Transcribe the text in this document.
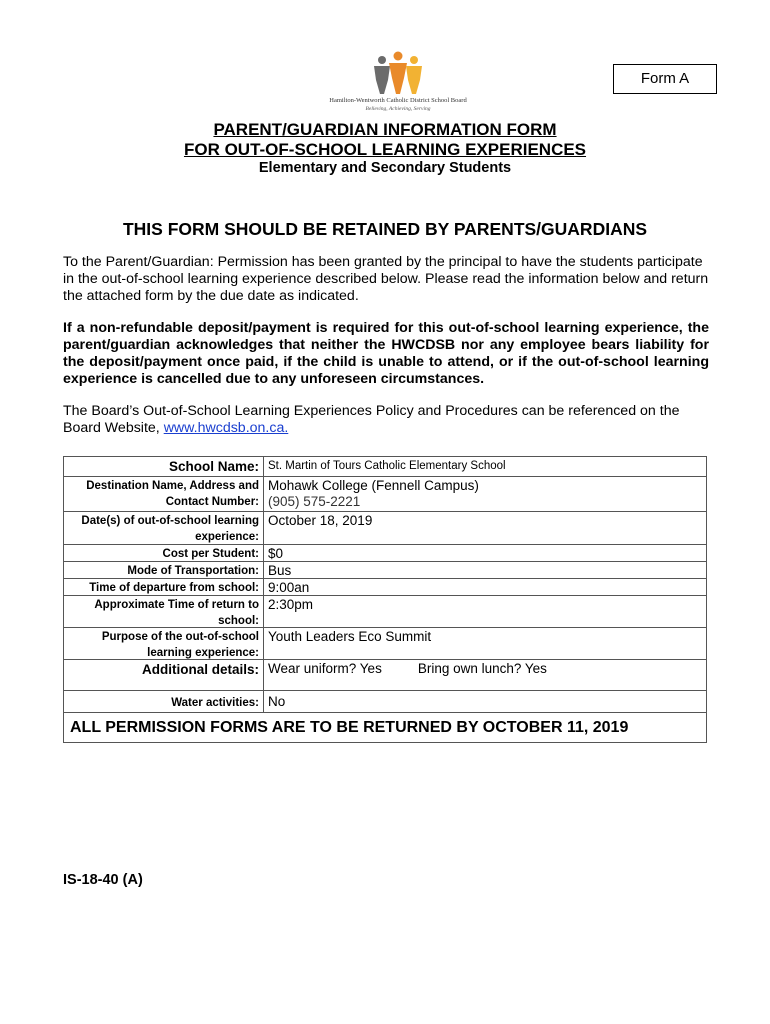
Hamilton-Wentworth Catholic District School Board
Believing, Achieving, Serving
Form A
PARENT/GUARDIAN INFORMATION FORM
FOR OUT-OF-SCHOOL LEARNING EXPERIENCES
Elementary and Secondary Students
THIS FORM SHOULD BE RETAINED BY PARENTS/GUARDIANS
To the Parent/Guardian: Permission has been granted by the principal to have the students participate in the out-of-school learning experience described below. Please read the information below and return the attached form by the due date as indicated.
If a non-refundable deposit/payment is required for this out-of-school learning experience, the parent/guardian acknowledges that neither the HWCDSB nor any employee bears liability for the deposit/payment once paid, if the child is unable to attend, or if the out-of-school learning experience is cancelled due to any unforeseen circumstances.
The Board’s Out-of-School Learning Experiences Policy and Procedures can be referenced on the Board Website, www.hwcdsb.on.ca.
School Name: St. Martin of Tours Catholic Elementary School
Destination Name, Address and
Contact Number:
Mohawk College (Fennell Campus)
(905) 575-2221
Date(s) of out-of-school learning
experience:
October 18, 2019
Cost per Student: $0
Mode of Transportation: Bus
Time of departure from school: 9:00an
Approximate Time of return to
school:
2:30pm
Purpose of the out-of-school
learning experience:
Youth Leaders Eco Summit
Additional details: Wear uniform? Yes	Bring own lunch? Yes
Water activities: No
ALL PERMISSION FORMS ARE TO BE RETURNED BY OCTOBER 11, 2019
IS-18-40 (A)
